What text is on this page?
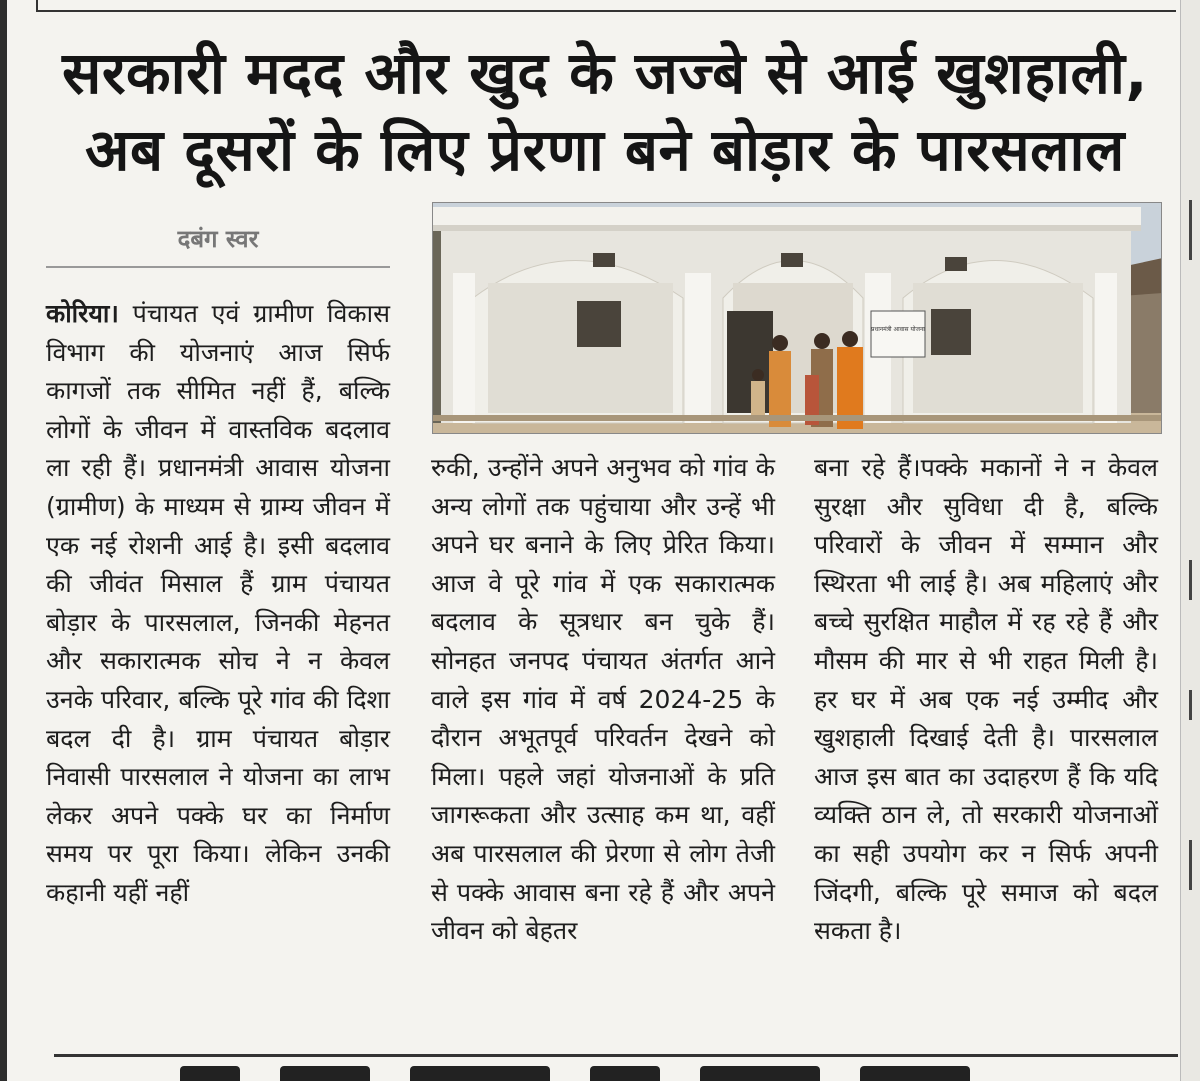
सरकारी मदद और खुद के जज्बे से आई खुशहाली,
अब दूसरों के लिए प्रेरणा बने बोड़ार के पारसलाल
दबंग स्वर
प्रधानमंत्री आवास योजना

कोरिया। पंचायत एवं ग्रामीण विकास विभाग की योजनाएं आज सिर्फ कागजों तक सीमित नहीं हैं, बल्कि लोगों के जीवन में वास्तविक बदलाव ला रही हैं। प्रधानमंत्री आवास योजना (ग्रामीण) के माध्यम से ग्राम्य जीवन में एक नई रोशनी आई है। इसी बदलाव की जीवंत मिसाल हैं ग्राम पंचायत बोड़ार के पारसलाल, जिनकी मेहनत और सकारात्मक सोच ने न केवल उनके परिवार, बल्कि पूरे गांव की दिशा बदल दी है। ग्राम पंचायत बोड़ार निवासी पारसलाल ने योजना का लाभ लेकर अपने पक्के घर का निर्माण समय पर पूरा किया। लेकिन उनकी कहानी यहीं नहीं

रुकी, उन्होंने अपने अनुभव को गांव के अन्य लोगों तक पहुंचाया और उन्हें भी अपने घर बनाने के लिए प्रेरित किया। आज वे पूरे गांव में एक सकारात्मक बदलाव के सूत्रधार बन चुके हैं। सोनहत जनपद पंचायत अंतर्गत आने वाले इस गांव में वर्ष 2024-25 के दौरान अभूतपूर्व परिवर्तन देखने को मिला। पहले जहां योजनाओं के प्रति जागरूकता और उत्साह कम था, वहीं अब पारसलाल की प्रेरणा से लोग तेजी से पक्के आवास बना रहे हैं और अपने जीवन को बेहतर

बना रहे हैं।पक्के मकानों ने न केवल सुरक्षा और सुविधा दी है, बल्कि परिवारों के जीवन में सम्मान और स्थिरता भी लाई है। अब महिलाएं और बच्चे सुरक्षित माहौल में रह रहे हैं और मौसम की मार से भी राहत मिली है। हर घर में अब एक नई उम्मीद और खुशहाली दिखाई देती है। पारसलाल आज इस बात का उदाहरण हैं कि यदि व्यक्ति ठान ले, तो सरकारी योजनाओं का सही उपयोग कर न सिर्फ अपनी जिंदगी, बल्कि पूरे समाज को बदल सकता है।
